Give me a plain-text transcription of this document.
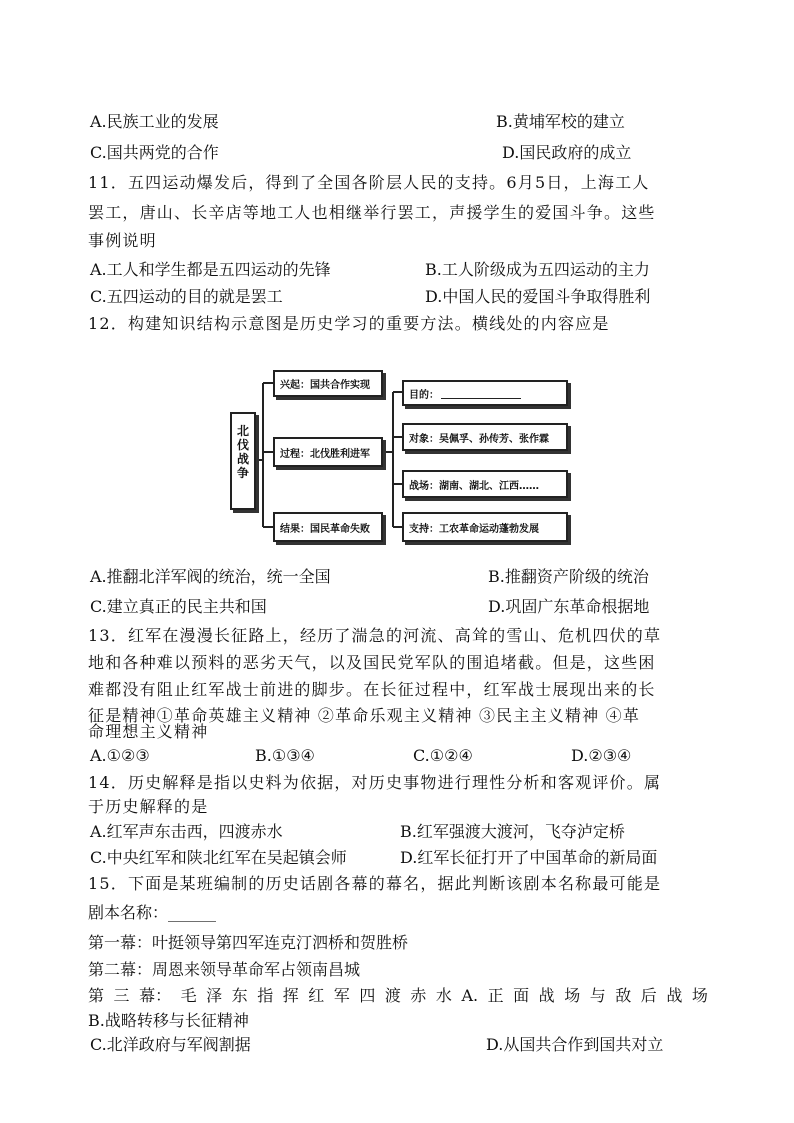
A.民族工业的发展	B.黄埔军校的建立
C.国共两党的合作	D.国民政府的成立
11．五四运动爆发后，得到了全国各阶层人民的支持。6月5日，上海工人
罢工，唐山、长辛店等地工人也相继举行罢工，声援学生的爱国斗争。这些
事例说明
A.工人和学生都是五四运动的先锋	B.工人阶级成为五四运动的主力
C.五四运动的目的就是罢工	D.中国人民的爱国斗争取得胜利
12．构建知识结构示意图是历史学习的重要方法。横线处的内容应是
北伐战争
兴起：国共合作实现
过程：北伐胜利进军
结果：国民革命失败
目的：
对象：吴佩孚、孙传芳、张作霖
战场：湖南、湖北、江西……
支持：工农革命运动蓬勃发展
A.推翻北洋军阀的统治，统一全国	B.推翻资产阶级的统治
C.建立真正的民主共和国	D.巩固广东革命根据地
13．红军在漫漫长征路上，经历了湍急的河流、高耸的雪山、危机四伏的草
地和各种难以预料的恶劣天气，以及国民党军队的围追堵截。但是，这些困
难都没有阻止红军战士前进的脚步。在长征过程中，红军战士展现出来的长
征是精神①革命英雄主义精神 ②革命乐观主义精神 ③民主主义精神 ④革
命理想主义精神
A.①②③	B.①③④	C.①②④	D.②③④
14．历史解释是指以史料为依据，对历史事物进行理性分析和客观评价。属
于历史解释的是
A.红军声东击西，四渡赤水	B.红军强渡大渡河，飞夺泸定桥
C.中央红军和陕北红军在吴起镇会师	D.红军长征打开了中国革命的新局面
15．下面是某班编制的历史话剧各幕的幕名，据此判断该剧本名称最可能是
剧本名称：______
第一幕：叶挺领导第四军连克汀泗桥和贺胜桥
第二幕：周恩来领导革命军占领南昌城
第 三 幕： 毛 泽 东 指 挥 红 军 四 渡 赤 水 A. 正 面 战 场 与 敌 后 战 场
B.战略转移与长征精神
C.北洋政府与军阀割据	D.从国共合作到国共对立
